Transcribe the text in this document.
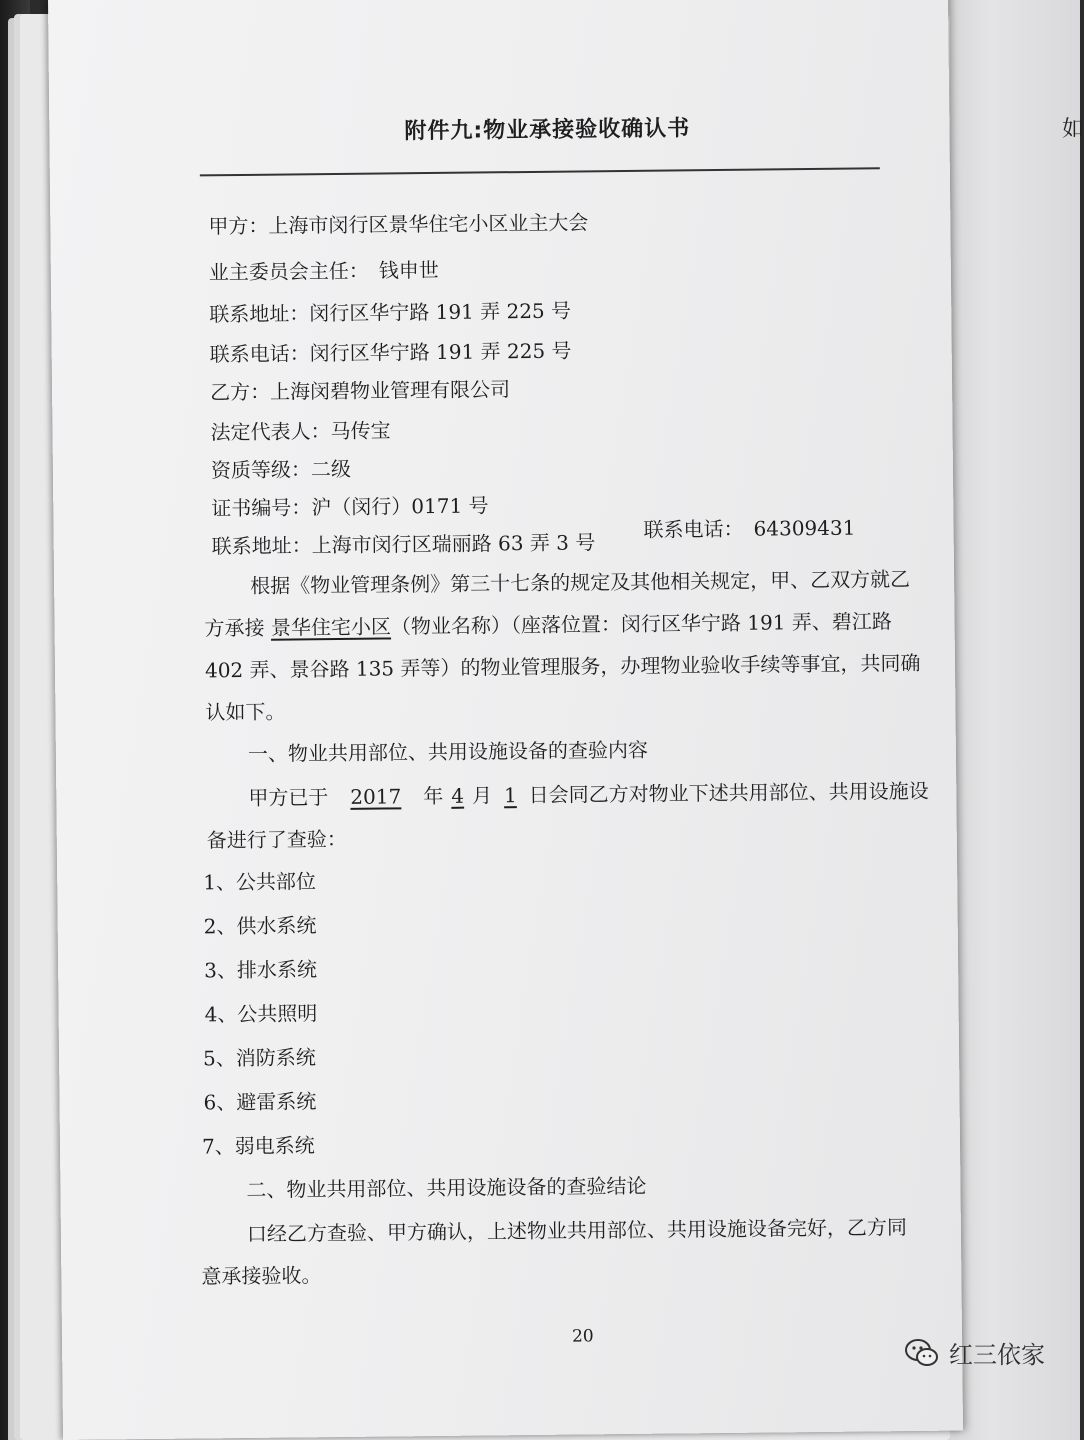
如
附件九:物业承接验收确认书
甲方：上海市闵行区景华住宅小区业主大会
业主委员会主任：　钱申世
联系地址：闵行区华宁路 191 弄 225 号
联系电话：闵行区华宁路 191 弄 225 号
乙方：上海闵碧物业管理有限公司
法定代表人：马传宝
资质等级：二级
证书编号：沪（闵行）0171 号
联系地址：上海市闵行区瑞丽路 63 弄 3 号
联系电话：　64309431
根据《物业管理条例》第三十七条的规定及其他相关规定，甲、乙双方就乙
方承接 景华住宅小区（物业名称）（座落位置：闵行区华宁路 191 弄、碧江路
402 弄、景谷路 135 弄等）的物业管理服务，办理物业验收手续等事宜，共同确
认如下。
一、物业共用部位、共用设施设备的查验内容
甲方已于 2017 年 4 月 1 日会同乙方对物业下述共用部位、共用设施设
备进行了查验：
1、公共部位
2、供水系统
3、排水系统
4、公共照明
5、消防系统
6、避雷系统
7、弱电系统
二、物业共用部位、共用设施设备的查验结论
口经乙方查验、甲方确认，上述物业共用部位、共用设施设备完好，乙方同
意承接验收。
20
红三依家
